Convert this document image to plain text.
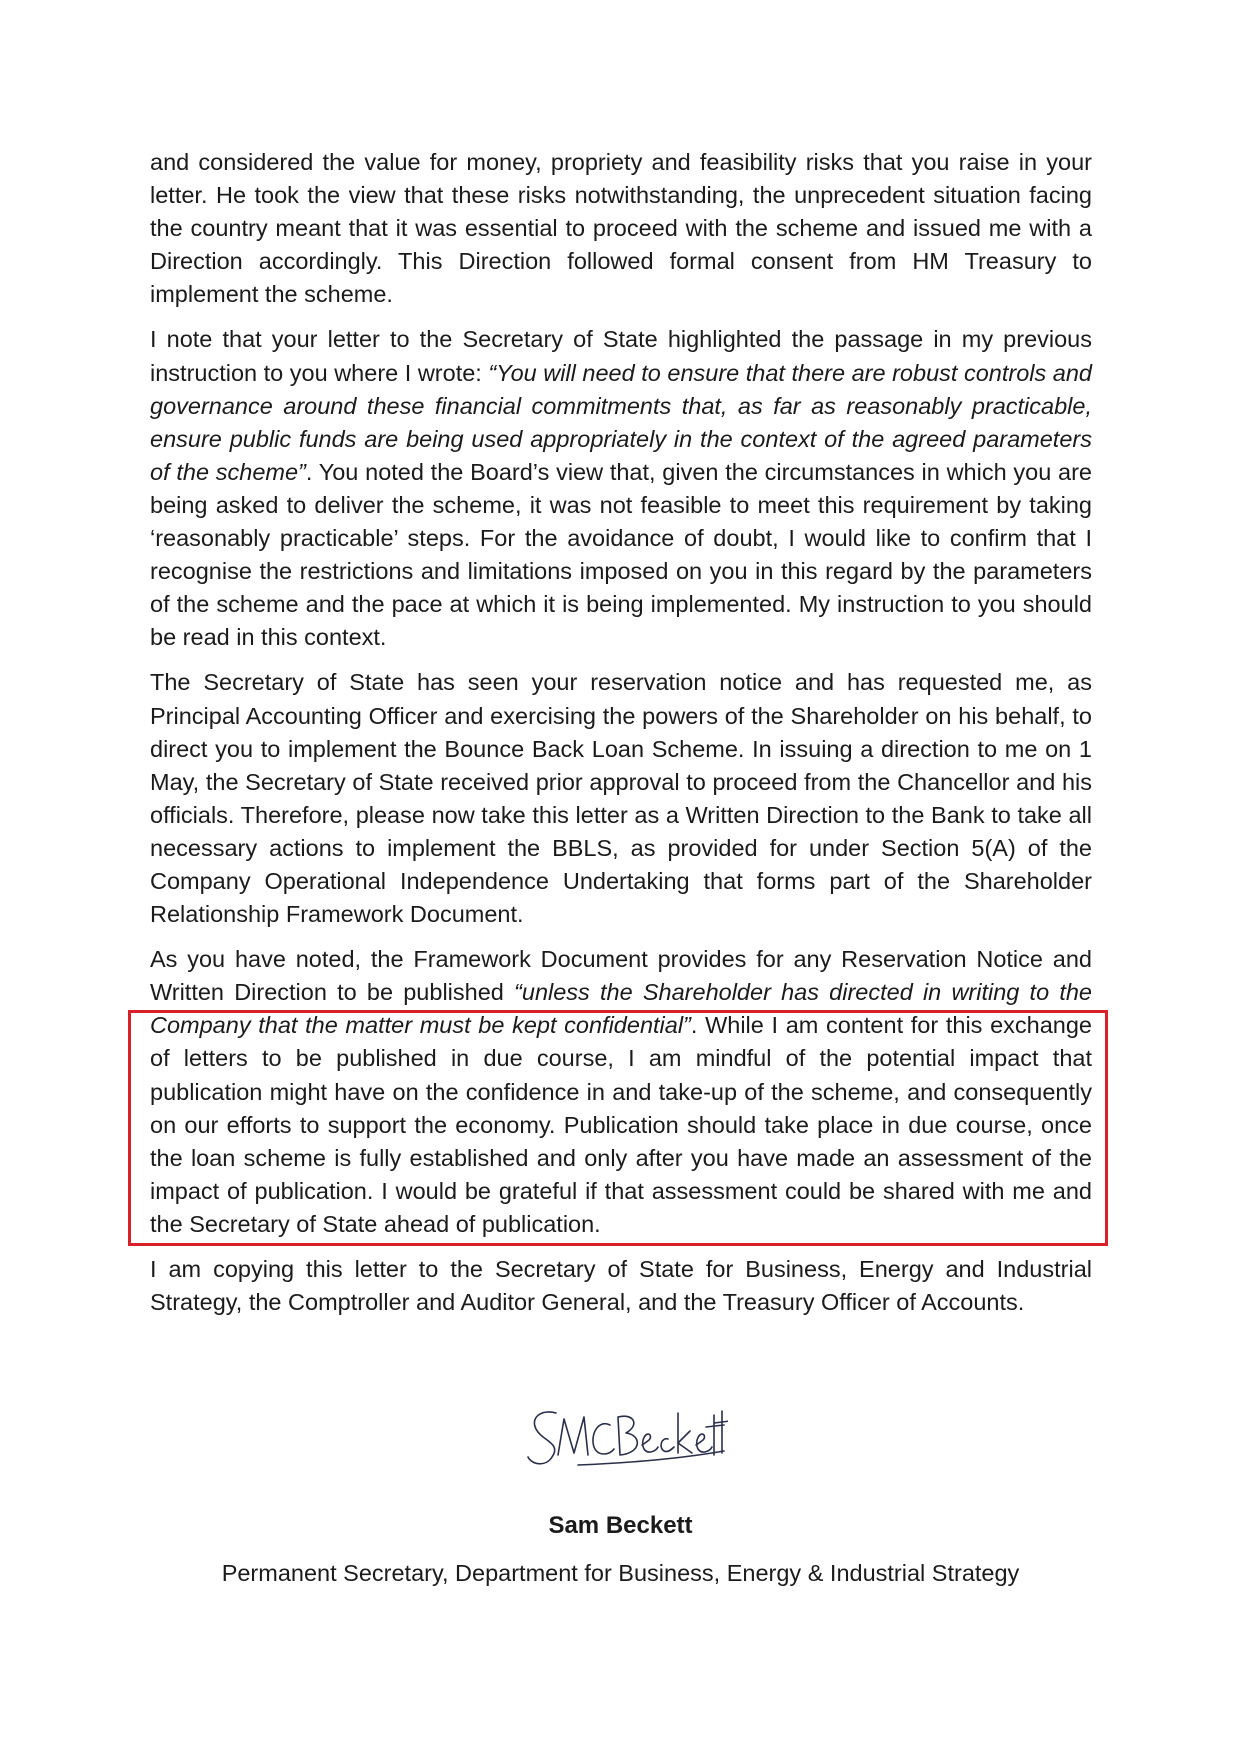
and considered the value for money, propriety and feasibility risks that you raise in your letter. He took the view that these risks notwithstanding, the unprecedent situation facing the country meant that it was essential to proceed with the scheme and issued me with a Direction accordingly. This Direction followed formal consent from HM Treasury to implement the scheme.

I note that your letter to the Secretary of State highlighted the passage in my previous instruction to you where I wrote: “You will need to ensure that there are robust controls and governance around these financial commitments that, as far as reasonably practicable, ensure public funds are being used appropriately in the context of the agreed parameters of the scheme”. You noted the Board’s view that, given the circumstances in which you are being asked to deliver the scheme, it was not feasible to meet this requirement by taking ‘reasonably practicable’ steps. For the avoidance of doubt, I would like to confirm that I recognise the restrictions and limitations imposed on you in this regard by the parameters of the scheme and the pace at which it is being implemented. My instruction to you should be read in this context.

The Secretary of State has seen your reservation notice and has requested me, as Principal Accounting Officer and exercising the powers of the Shareholder on his behalf, to direct you to implement the Bounce Back Loan Scheme. In issuing a direction to me on 1 May, the Secretary of State received prior approval to proceed from the Chancellor and his officials. Therefore, please now take this letter as a Written Direction to the Bank to take all necessary actions to implement the BBLS, as provided for under Section 5(A) of the Company Operational Independence Undertaking that forms part of the Shareholder Relationship Framework Document.

As you have noted, the Framework Document provides for any Reservation Notice and Written Direction to be published “unless the Shareholder has directed in writing to the Company that the matter must be kept confidential”. While I am content for this exchange of letters to be published in due course, I am mindful of the potential impact that publication might have on the confidence in and take-up of the scheme, and consequently on our efforts to support the economy. Publication should take place in due course, once the loan scheme is fully established and only after you have made an assessment of the impact of publication. I would be grateful if that assessment could be shared with me and the Secretary of State ahead of publication.

I am copying this letter to the Secretary of State for Business, Energy and Industrial Strategy, the Comptroller and Auditor General, and the Treasury Officer of Accounts.

Sam Beckett
Permanent Secretary, Department for Business, Energy & Industrial Strategy
